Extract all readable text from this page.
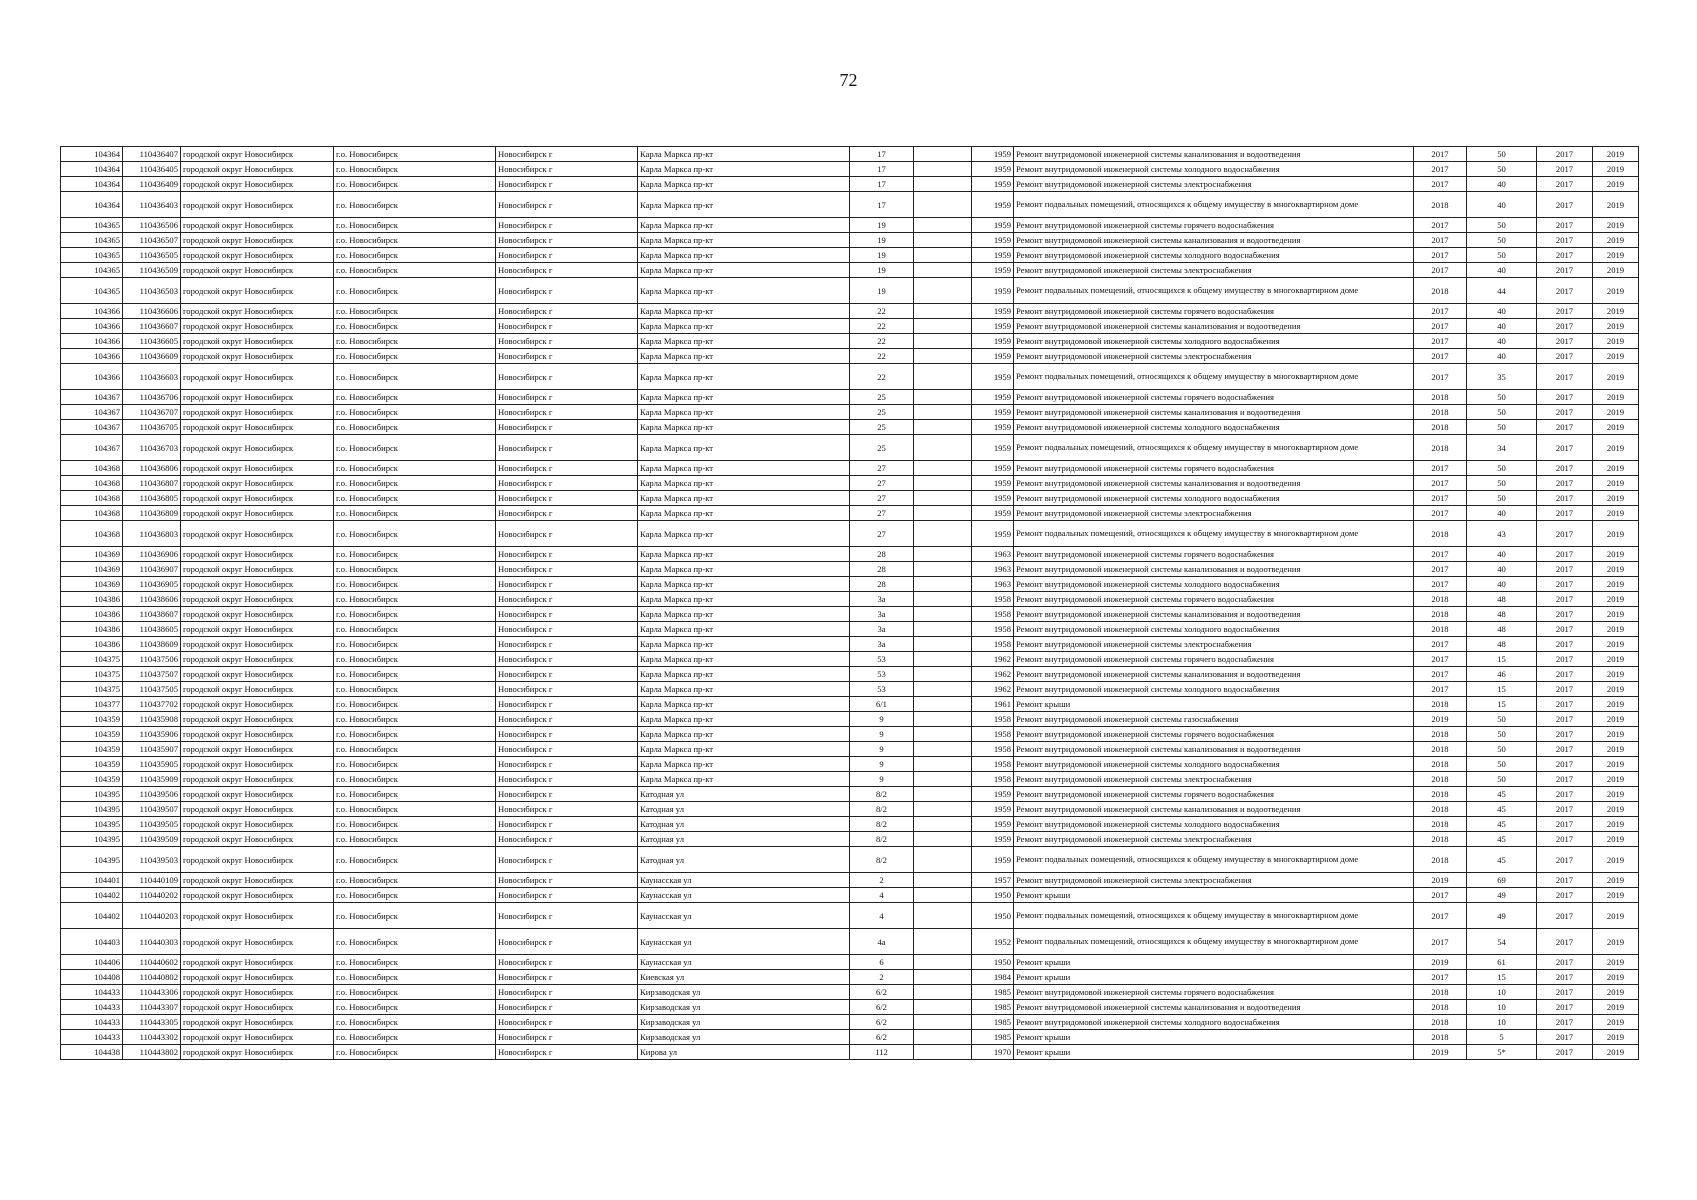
72
104364	110436407	городской округ Новосибирск	г.о. Новосибирск	Новосибирск г	Карла Маркса пр-кт	17		1959	Ремонт внутридомовой инженерной системы канализования и водоотведения	2017	50	2017	2019
104364	110436405	городской округ Новосибирск	г.о. Новосибирск	Новосибирск г	Карла Маркса пр-кт	17		1959	Ремонт внутридомовой инженерной системы холодного водоснабжения	2017	50	2017	2019
104364	110436409	городской округ Новосибирск	г.о. Новосибирск	Новосибирск г	Карла Маркса пр-кт	17		1959	Ремонт внутридомовой инженерной системы электроснабжения	2017	40	2017	2019
104364	110436403	городской округ Новосибирск	г.о. Новосибирск	Новосибирск г	Карла Маркса пр-кт	17		1959	Ремонт подвальных помещений, относящихся к общему имуществу в многоквартирном доме	2018	40	2017	2019
104365	110436506	городской округ Новосибирск	г.о. Новосибирск	Новосибирск г	Карла Маркса пр-кт	19		1959	Ремонт внутридомовой инженерной системы горячего водоснабжения	2017	50	2017	2019
104365	110436507	городской округ Новосибирск	г.о. Новосибирск	Новосибирск г	Карла Маркса пр-кт	19		1959	Ремонт внутридомовой инженерной системы канализования и водоотведения	2017	50	2017	2019
104365	110436505	городской округ Новосибирск	г.о. Новосибирск	Новосибирск г	Карла Маркса пр-кт	19		1959	Ремонт внутридомовой инженерной системы холодного водоснабжения	2017	50	2017	2019
104365	110436509	городской округ Новосибирск	г.о. Новосибирск	Новосибирск г	Карла Маркса пр-кт	19		1959	Ремонт внутридомовой инженерной системы электроснабжения	2017	40	2017	2019
104365	110436503	городской округ Новосибирск	г.о. Новосибирск	Новосибирск г	Карла Маркса пр-кт	19		1959	Ремонт подвальных помещений, относящихся к общему имуществу в многоквартирном доме	2018	44	2017	2019
104366	110436606	городской округ Новосибирск	г.о. Новосибирск	Новосибирск г	Карла Маркса пр-кт	22		1959	Ремонт внутридомовой инженерной системы горячего водоснабжения	2017	40	2017	2019
104366	110436607	городской округ Новосибирск	г.о. Новосибирск	Новосибирск г	Карла Маркса пр-кт	22		1959	Ремонт внутридомовой инженерной системы канализования и водоотведения	2017	40	2017	2019
104366	110436605	городской округ Новосибирск	г.о. Новосибирск	Новосибирск г	Карла Маркса пр-кт	22		1959	Ремонт внутридомовой инженерной системы холодного водоснабжения	2017	40	2017	2019
104366	110436609	городской округ Новосибирск	г.о. Новосибирск	Новосибирск г	Карла Маркса пр-кт	22		1959	Ремонт внутридомовой инженерной системы электроснабжения	2017	40	2017	2019
104366	110436603	городской округ Новосибирск	г.о. Новосибирск	Новосибирск г	Карла Маркса пр-кт	22		1959	Ремонт подвальных помещений, относящихся к общему имуществу в многоквартирном доме	2017	35	2017	2019
104367	110436706	городской округ Новосибирск	г.о. Новосибирск	Новосибирск г	Карла Маркса пр-кт	25		1959	Ремонт внутридомовой инженерной системы горячего водоснабжения	2018	50	2017	2019
104367	110436707	городской округ Новосибирск	г.о. Новосибирск	Новосибирск г	Карла Маркса пр-кт	25		1959	Ремонт внутридомовой инженерной системы канализования и водоотведения	2018	50	2017	2019
104367	110436705	городской округ Новосибирск	г.о. Новосибирск	Новосибирск г	Карла Маркса пр-кт	25		1959	Ремонт внутридомовой инженерной системы холодного водоснабжения	2018	50	2017	2019
104367	110436703	городской округ Новосибирск	г.о. Новосибирск	Новосибирск г	Карла Маркса пр-кт	25		1959	Ремонт подвальных помещений, относящихся к общему имуществу в многоквартирном доме	2018	34	2017	2019
104368	110436806	городской округ Новосибирск	г.о. Новосибирск	Новосибирск г	Карла Маркса пр-кт	27		1959	Ремонт внутридомовой инженерной системы горячего водоснабжения	2017	50	2017	2019
104368	110436807	городской округ Новосибирск	г.о. Новосибирск	Новосибирск г	Карла Маркса пр-кт	27		1959	Ремонт внутридомовой инженерной системы канализования и водоотведения	2017	50	2017	2019
104368	110436805	городской округ Новосибирск	г.о. Новосибирск	Новосибирск г	Карла Маркса пр-кт	27		1959	Ремонт внутридомовой инженерной системы холодного водоснабжения	2017	50	2017	2019
104368	110436809	городской округ Новосибирск	г.о. Новосибирск	Новосибирск г	Карла Маркса пр-кт	27		1959	Ремонт внутридомовой инженерной системы электроснабжения	2017	40	2017	2019
104368	110436803	городской округ Новосибирск	г.о. Новосибирск	Новосибирск г	Карла Маркса пр-кт	27		1959	Ремонт подвальных помещений, относящихся к общему имуществу в многоквартирном доме	2018	43	2017	2019
104369	110436906	городской округ Новосибирск	г.о. Новосибирск	Новосибирск г	Карла Маркса пр-кт	28		1963	Ремонт внутридомовой инженерной системы горячего водоснабжения	2017	40	2017	2019
104369	110436907	городской округ Новосибирск	г.о. Новосибирск	Новосибирск г	Карла Маркса пр-кт	28		1963	Ремонт внутридомовой инженерной системы канализования и водоотведения	2017	40	2017	2019
104369	110436905	городской округ Новосибирск	г.о. Новосибирск	Новосибирск г	Карла Маркса пр-кт	28		1963	Ремонт внутридомовой инженерной системы холодного водоснабжения	2017	40	2017	2019
104386	110438606	городской округ Новосибирск	г.о. Новосибирск	Новосибирск г	Карла Маркса пр-кт	3а		1958	Ремонт внутридомовой инженерной системы горячего водоснабжения	2018	48	2017	2019
104386	110438607	городской округ Новосибирск	г.о. Новосибирск	Новосибирск г	Карла Маркса пр-кт	3а		1958	Ремонт внутридомовой инженерной системы канализования и водоотведения	2018	48	2017	2019
104386	110438605	городской округ Новосибирск	г.о. Новосибирск	Новосибирск г	Карла Маркса пр-кт	3а		1958	Ремонт внутридомовой инженерной системы холодного водоснабжения	2018	48	2017	2019
104386	110438609	городской округ Новосибирск	г.о. Новосибирск	Новосибирск г	Карла Маркса пр-кт	3а		1958	Ремонт внутридомовой инженерной системы электроснабжения	2017	48	2017	2019
104375	110437506	городской округ Новосибирск	г.о. Новосибирск	Новосибирск г	Карла Маркса пр-кт	53		1962	Ремонт внутридомовой инженерной системы горячего водоснабжения	2017	15	2017	2019
104375	110437507	городской округ Новосибирск	г.о. Новосибирск	Новосибирск г	Карла Маркса пр-кт	53		1962	Ремонт внутридомовой инженерной системы канализования и водоотведения	2017	46	2017	2019
104375	110437505	городской округ Новосибирск	г.о. Новосибирск	Новосибирск г	Карла Маркса пр-кт	53		1962	Ремонт внутридомовой инженерной системы холодного водоснабжения	2017	15	2017	2019
104377	110437702	городской округ Новосибирск	г.о. Новосибирск	Новосибирск г	Карла Маркса пр-кт	6/1		1961	Ремонт крыши	2018	15	2017	2019
104359	110435908	городской округ Новосибирск	г.о. Новосибирск	Новосибирск г	Карла Маркса пр-кт	9		1958	Ремонт внутридомовой инженерной системы газоснабжения	2019	50	2017	2019
104359	110435906	городской округ Новосибирск	г.о. Новосибирск	Новосибирск г	Карла Маркса пр-кт	9		1958	Ремонт внутридомовой инженерной системы горячего водоснабжения	2018	50	2017	2019
104359	110435907	городской округ Новосибирск	г.о. Новосибирск	Новосибирск г	Карла Маркса пр-кт	9		1958	Ремонт внутридомовой инженерной системы канализования и водоотведения	2018	50	2017	2019
104359	110435905	городской округ Новосибирск	г.о. Новосибирск	Новосибирск г	Карла Маркса пр-кт	9		1958	Ремонт внутридомовой инженерной системы холодного водоснабжения	2018	50	2017	2019
104359	110435909	городской округ Новосибирск	г.о. Новосибирск	Новосибирск г	Карла Маркса пр-кт	9		1958	Ремонт внутридомовой инженерной системы электроснабжения	2018	50	2017	2019
104395	110439506	городской округ Новосибирск	г.о. Новосибирск	Новосибирск г	Катодная ул	8/2		1959	Ремонт внутридомовой инженерной системы горячего водоснабжения	2018	45	2017	2019
104395	110439507	городской округ Новосибирск	г.о. Новосибирск	Новосибирск г	Катодная ул	8/2		1959	Ремонт внутридомовой инженерной системы канализования и водоотведения	2018	45	2017	2019
104395	110439505	городской округ Новосибирск	г.о. Новосибирск	Новосибирск г	Катодная ул	8/2		1959	Ремонт внутридомовой инженерной системы холодного водоснабжения	2018	45	2017	2019
104395	110439509	городской округ Новосибирск	г.о. Новосибирск	Новосибирск г	Катодная ул	8/2		1959	Ремонт внутридомовой инженерной системы электроснабжения	2018	45	2017	2019
104395	110439503	городской округ Новосибирск	г.о. Новосибирск	Новосибирск г	Катодная ул	8/2		1959	Ремонт подвальных помещений, относящихся к общему имуществу в многоквартирном доме	2018	45	2017	2019
104401	110440109	городской округ Новосибирск	г.о. Новосибирск	Новосибирск г	Каунасская ул	2		1957	Ремонт внутридомовой инженерной системы электроснабжения	2019	69	2017	2019
104402	110440202	городской округ Новосибирск	г.о. Новосибирск	Новосибирск г	Каунасская ул	4		1950	Ремонт крыши	2017	49	2017	2019
104402	110440203	городской округ Новосибирск	г.о. Новосибирск	Новосибирск г	Каунасская ул	4		1950	Ремонт подвальных помещений, относящихся к общему имуществу в многоквартирном доме	2017	49	2017	2019
104403	110440303	городской округ Новосибирск	г.о. Новосибирск	Новосибирск г	Каунасская ул	4а		1952	Ремонт подвальных помещений, относящихся к общему имуществу в многоквартирном доме	2017	54	2017	2019
104406	110440602	городской округ Новосибирск	г.о. Новосибирск	Новосибирск г	Каунасская ул	6		1950	Ремонт крыши	2019	61	2017	2019
104408	110440802	городской округ Новосибирск	г.о. Новосибирск	Новосибирск г	Киевская ул	2		1984	Ремонт крыши	2017	15	2017	2019
104433	110443306	городской округ Новосибирск	г.о. Новосибирск	Новосибирск г	Кирзаводская ул	6/2		1985	Ремонт внутридомовой инженерной системы горячего водоснабжения	2018	10	2017	2019
104433	110443307	городской округ Новосибирск	г.о. Новосибирск	Новосибирск г	Кирзаводская ул	6/2		1985	Ремонт внутридомовой инженерной системы канализования и водоотведения	2018	10	2017	2019
104433	110443305	городской округ Новосибирск	г.о. Новосибирск	Новосибирск г	Кирзаводская ул	6/2		1985	Ремонт внутридомовой инженерной системы холодного водоснабжения	2018	10	2017	2019
104433	110443302	городской округ Новосибирск	г.о. Новосибирск	Новосибирск г	Кирзаводская ул	6/2		1985	Ремонт крыши	2018	5	2017	2019
104438	110443802	городской округ Новосибирск	г.о. Новосибирск	Новосибирск г	Кирова ул	112		1970	Ремонт крыши	2019	5*	2017	2019
